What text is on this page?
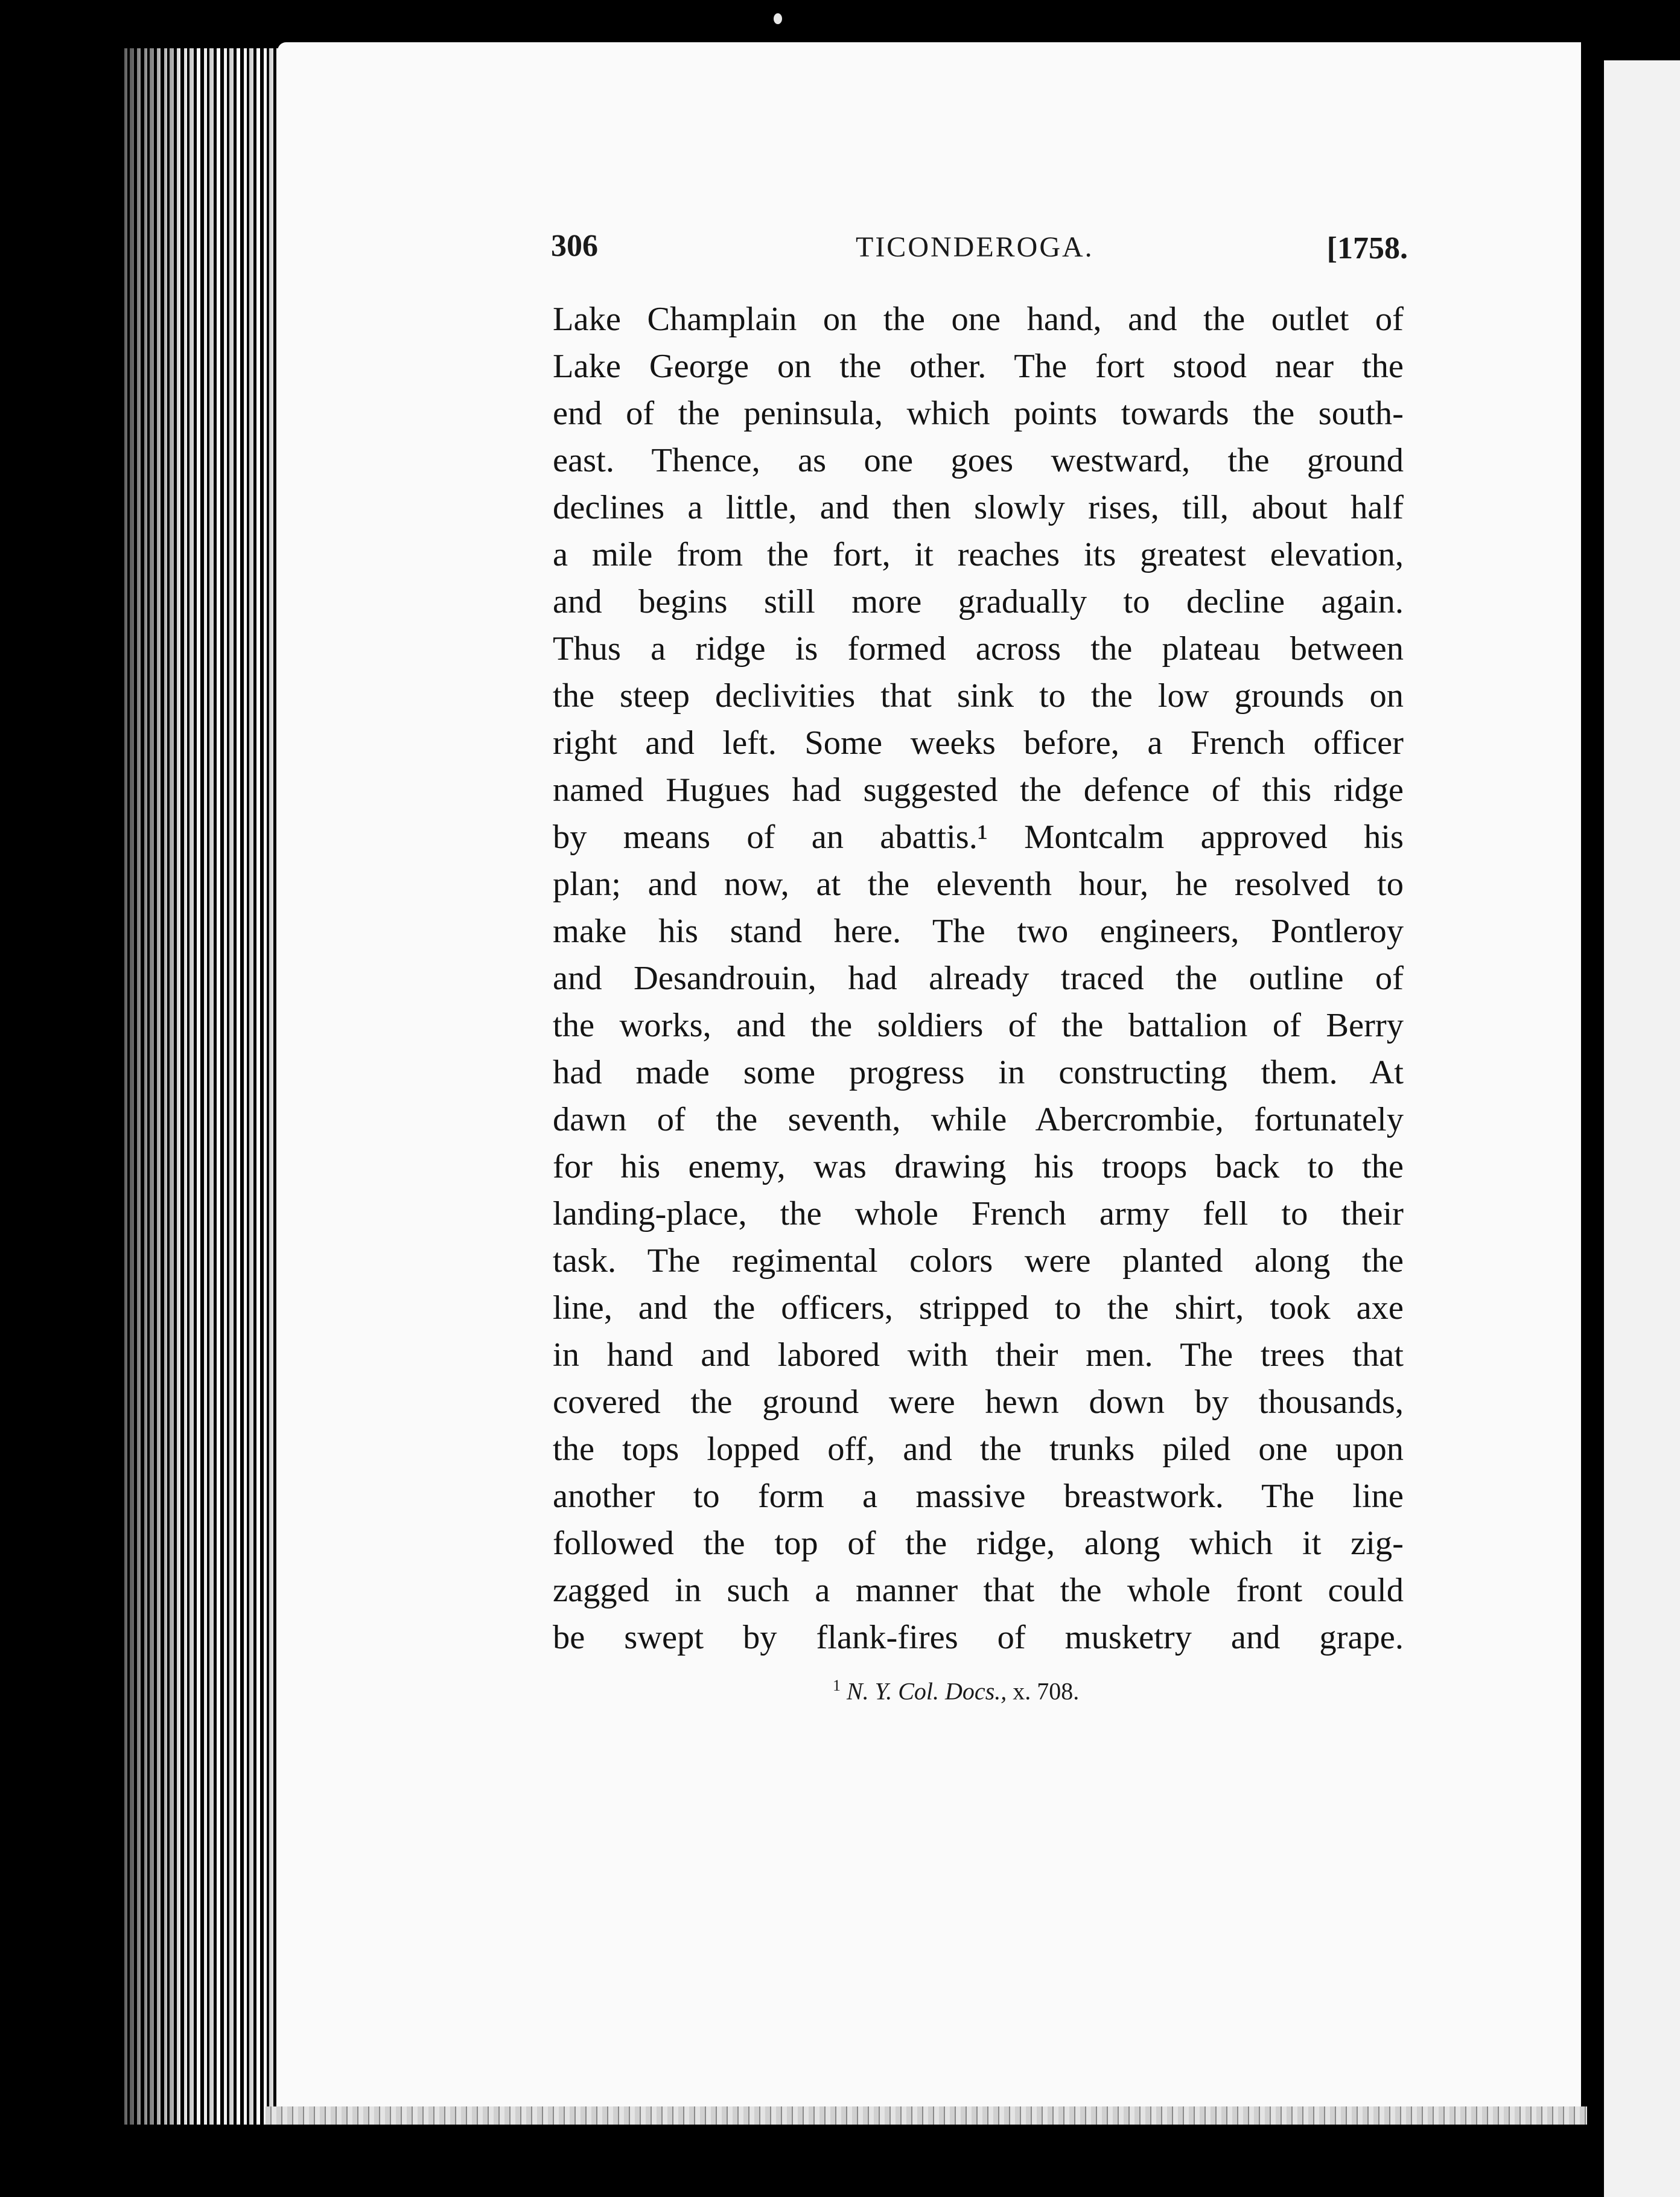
306	TICONDEROGA.	[1758.
Lake Champlain on the one hand, and the outlet of
Lake George on the other. The fort stood near the
end of the peninsula, which points towards the south-
east. Thence, as one goes westward, the ground
declines a little, and then slowly rises, till, about half
a mile from the fort, it reaches its greatest elevation,
and begins still more gradually to decline again.
Thus a ridge is formed across the plateau between
the steep declivities that sink to the low grounds on
right and left. Some weeks before, a French officer
named Hugues had suggested the defence of this ridge
by means of an abattis.¹ Montcalm approved his
plan; and now, at the eleventh hour, he resolved to
make his stand here. The two engineers, Pontleroy
and Desandrouin, had already traced the outline of
the works, and the soldiers of the battalion of Berry
had made some progress in constructing them. At
dawn of the seventh, while Abercrombie, fortunately
for his enemy, was drawing his troops back to the
landing-place, the whole French army fell to their
task. The regimental colors were planted along the
line, and the officers, stripped to the shirt, took axe
in hand and labored with their men. The trees that
covered the ground were hewn down by thousands,
the tops lopped off, and the trunks piled one upon
another to form a massive breastwork. The line
followed the top of the ridge, along which it zig-
zagged in such a manner that the whole front could
be swept by flank-fires of musketry and grape.
$^1$ N. Y. Col. Docs., x. 708.
